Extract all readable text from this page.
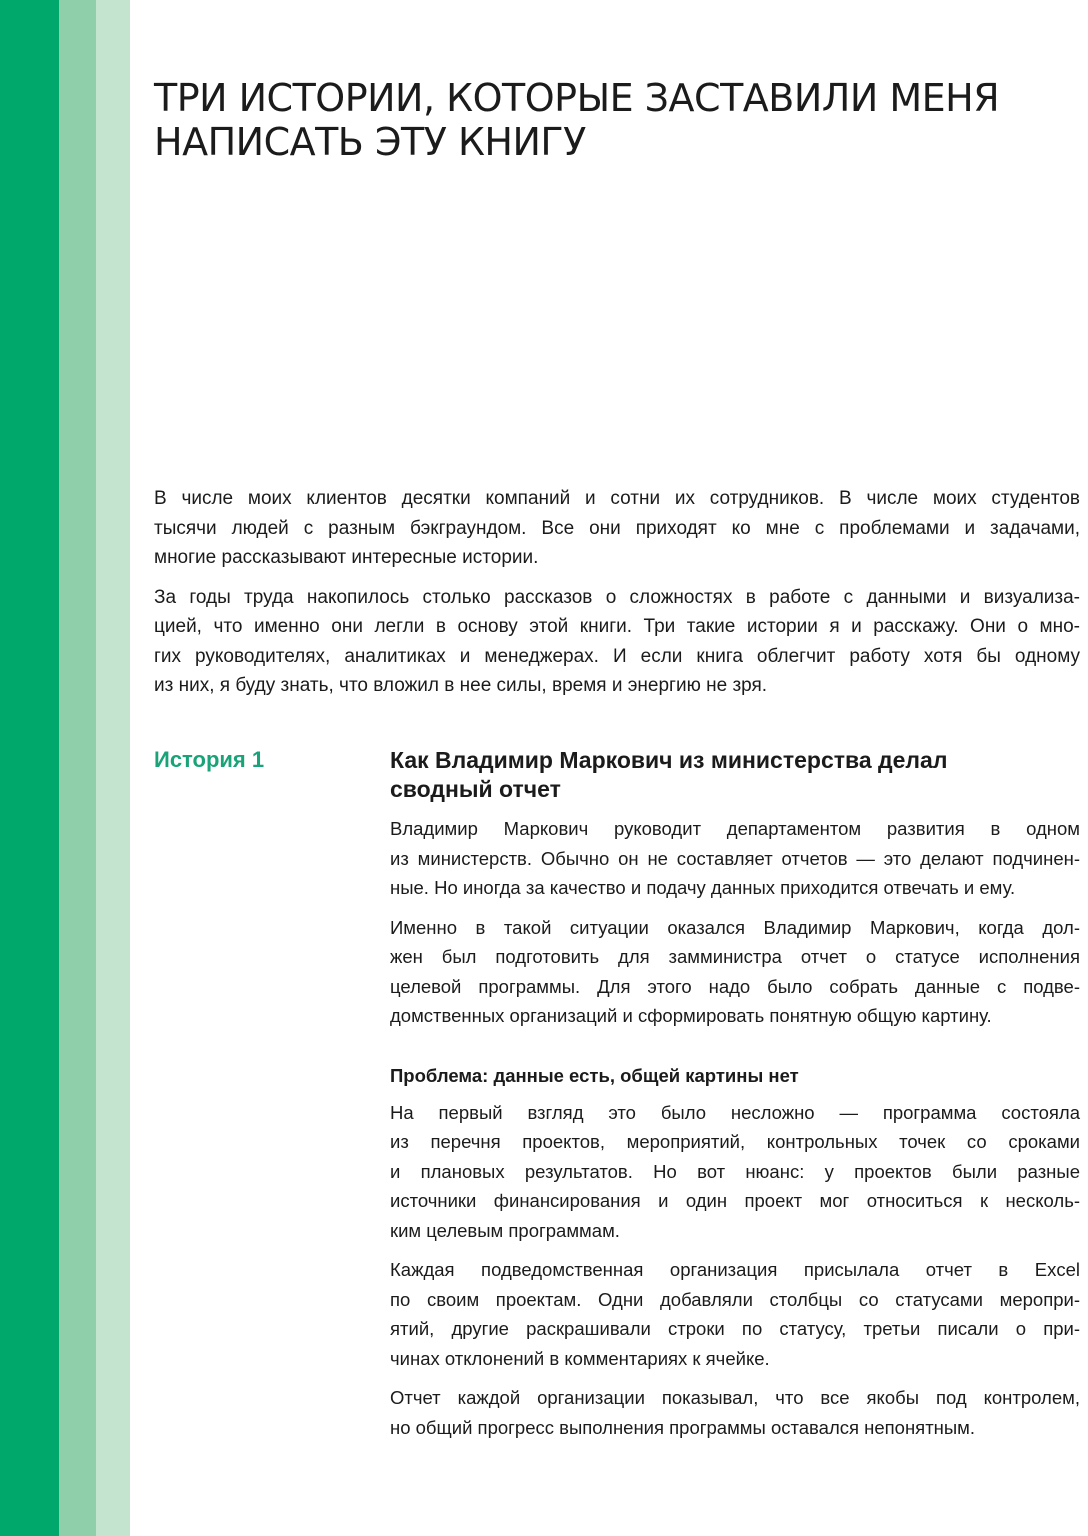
ТРИ ИСТОРИИ, КОТОРЫЕ ЗАСТАВИЛИ МЕНЯ
НАПИСАТЬ ЭТУ КНИГУ

В числе моих клиентов десятки компаний и сотни их сотрудников. В числе моих студентов
тысячи людей с разным бэкграундом. Все они приходят ко мне с проблемами и задачами,
многие рассказывают интересные истории.

За годы труда накопилось столько рассказов о сложностях в работе с данными и визуализа-
цией, что именно они легли в основу этой книги. Три такие истории я и расскажу. Они о мно-
гих руководителях, аналитиках и менеджерах. И если книга облегчит работу хотя бы одному
из них, я буду знать, что вложил в нее силы, время и энергию не зря.

История 1	Как Владимир Маркович из министерства делал
сводный отчет

Владимир Маркович руководит департаментом развития в одном
из министерств. Обычно он не составляет отчетов — это делают подчинен-
ные. Но иногда за качество и подачу данных приходится отвечать и ему.

Именно в такой ситуации оказался Владимир Маркович, когда дол-
жен был подготовить для замминистра отчет о статусе исполнения
целевой программы. Для этого надо было собрать данные с подве-
домственных организаций и сформировать понятную общую картину.

Проблема: данные есть, общей картины нет

На первый взгляд это было несложно — программа состояла
из перечня проектов, мероприятий, контрольных точек со сроками
и плановых результатов. Но вот нюанс: у проектов были разные
источники финансирования и один проект мог относиться к несколь-
ким целевым программам.

Каждая подведомственная организация присылала отчет в Excel
по своим проектам. Одни добавляли столбцы со статусами меропри-
ятий, другие раскрашивали строки по статусу, третьи писали о при-
чинах отклонений в комментариях к ячейке.

Отчет каждой организации показывал, что все якобы под контролем,
но общий прогресс выполнения программы оставался непонятным.
